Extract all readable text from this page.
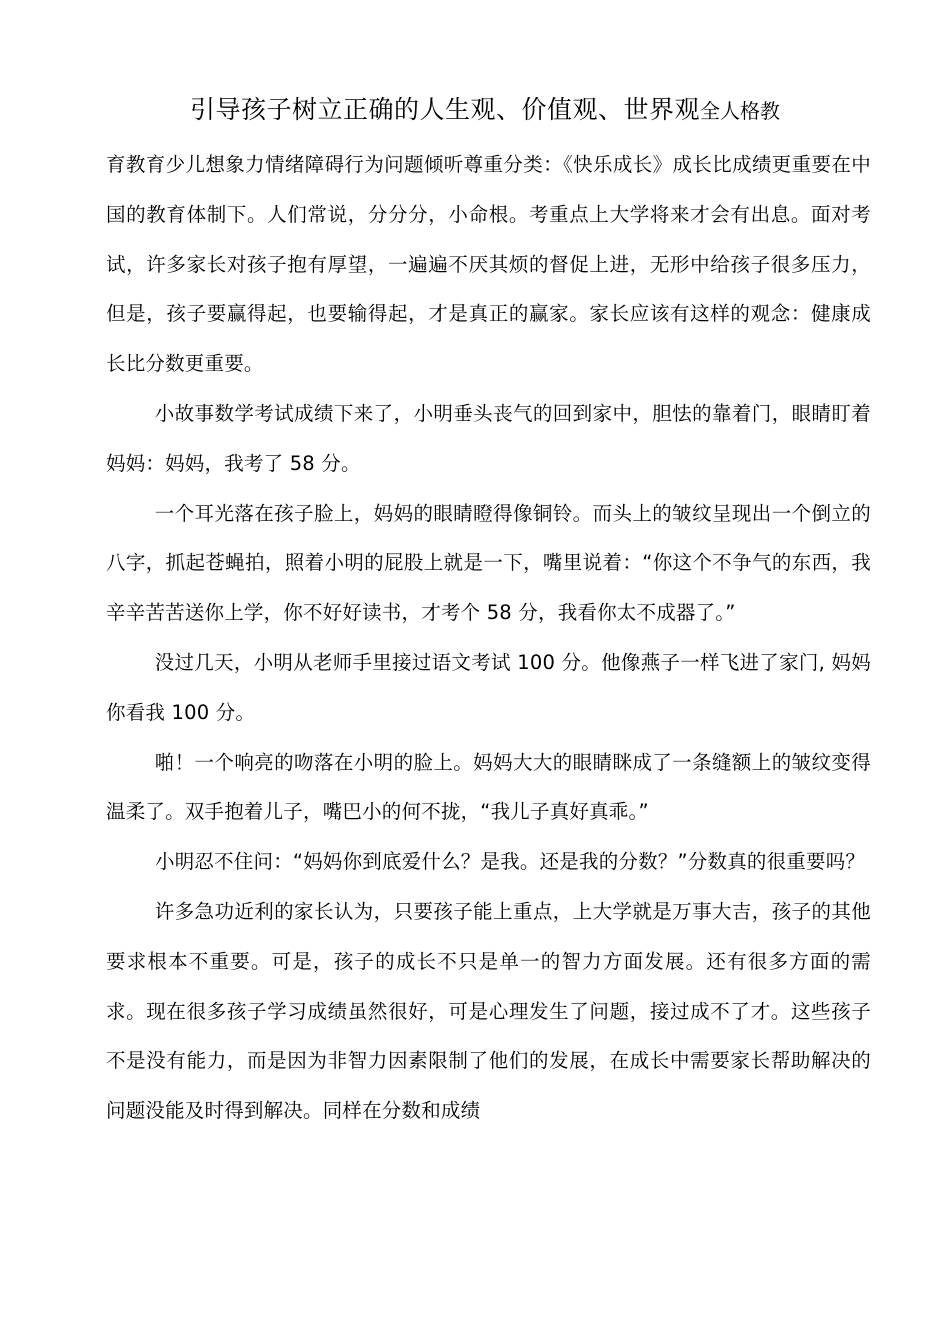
引导孩子树立正确的人生观、价值观、世界观全人格教

育教育少儿想象力情绪障碍行为问题倾听尊重分类：《快乐成长》成长比成绩更重要在中国的教育体制下。人们常说，分分分，小命根。考重点上大学将来才会有出息。面对考试，许多家长对孩子抱有厚望，一遍遍不厌其烦的督促上进，无形中给孩子很多压力，但是，孩子要赢得起，也要输得起，才是真正的赢家。家长应该有这样的观念：健康成长比分数更重要。

小故事数学考试成绩下来了，小明垂头丧气的回到家中，胆怯的靠着门，眼睛盯着妈妈：妈妈，我考了 58 分。

一个耳光落在孩子脸上，妈妈的眼睛瞪得像铜铃。而头上的皱纹呈现出一个倒立的八字，抓起苍蝇拍，照着小明的屁股上就是一下，嘴里说着：“你这个不争气的东西，我辛辛苦苦送你上学，你不好好读书，才考个 58 分，我看你太不成器了。”

没过几天，小明从老师手里接过语文考试 100 分。他像燕子一样飞进了家门, 妈妈你看我 100 分。

啪！一个响亮的吻落在小明的脸上。妈妈大大的眼睛眯成了一条缝额上的皱纹变得温柔了。双手抱着儿子，嘴巴小的何不拢，“我儿子真好真乖。”

小明忍不住问：“妈妈你到底爱什么？是我。还是我的分数？”分数真的很重要吗？

许多急功近利的家长认为，只要孩子能上重点，上大学就是万事大吉，孩子的其他要求根本不重要。可是，孩子的成长不只是单一的智力方面发展。还有很多方面的需求。现在很多孩子学习成绩虽然很好，可是心理发生了问题，接过成不了才。这些孩子不是没有能力，而是因为非智力因素限制了他们的发展，在成长中需要家长帮助解决的问题没能及时得到解决。同样在分数和成绩
